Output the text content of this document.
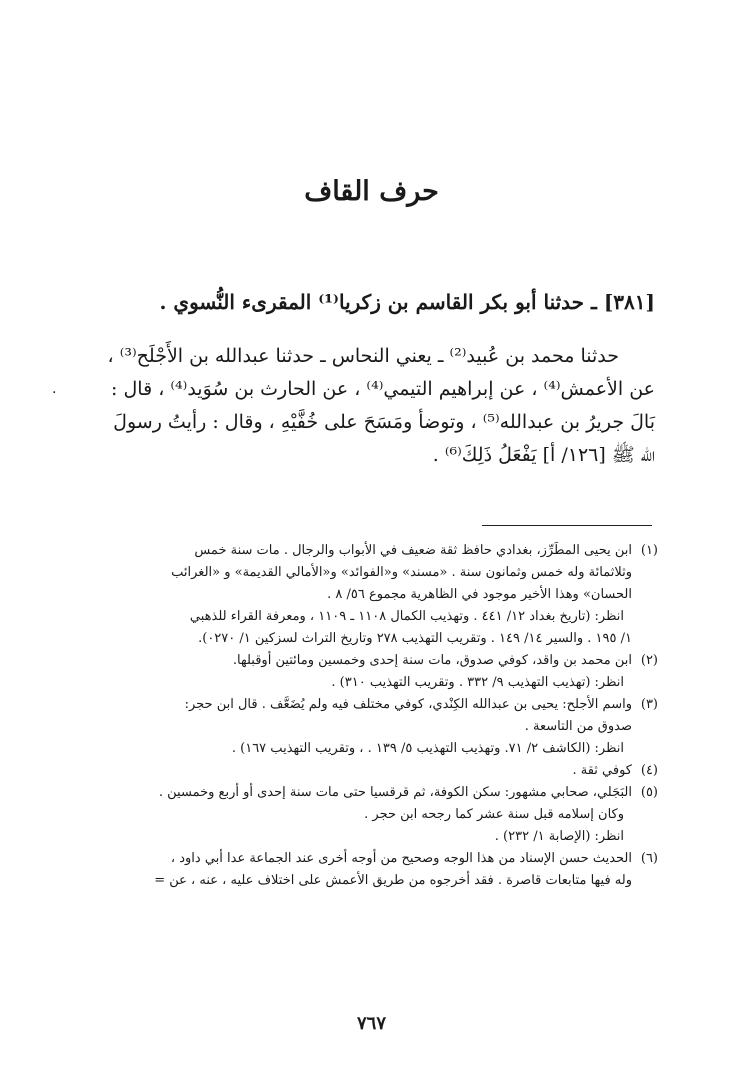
حرف القاف
[٣٨١] ـ حدثنا أبو بكر القاسم بن زكريا⁽¹⁾ المقرىء النُّسوي .

حدثنا محمد بن عُبيد⁽²⁾ ـ يعني النحاس ـ حدثنا عبدالله بن الأَجْلَح⁽³⁾ ،

عن الأعمش⁽⁴⁾ ، عن إبراهيم التيمي⁽⁴⁾ ، عن الحارث بن سُوَيد⁽⁴⁾ ، قال :

بَالَ جريرُ بن عبدالله⁽⁵⁾ ، وتوضأ ومَسَحَ على خُفَّيْهِ ، وقال : رأيتُ رسولَ

الله ﷺ [١٢٦/ أ] يَفْعَلُ ذَلِكَ⁽⁶⁾ .

.
(١)ابن يحيى المطَرِّز، بغدادي حافظ ثقة ضعيف في الأبواب والرجال . مات سنة خمس
وثلاثمائة وله خمس وثمانون سنة . «مسند» و«الفوائد» و«الأمالي القديمة» و «الغرائب
الحسان» وهذا الأخير موجود في الظاهرية مجموع ٥٦/ ٨ .
انظر: (تاريخ بغداد ١٢/ ٤٤١ . وتهذيب الكمال ١١٠٨ ـ ١١٠٩ ، ومعرفة القراء للذهبي
١/ ١٩٥ . والسير ١٤/ ١٤٩ . وتقريب التهذيب ٢٧٨ وتاريخ التراث لسزكين ١/ ٠٢٧٠).
(٢)ابن محمد بن واقد، كوفي صدوق، مات سنة إحدى وخمسين ومائتين أوقبلها.
انظر: (تهذيب التهذيب ٩/ ٣٣٢ . وتقريب التهذيب ٣١٠) .
(٣)واسم الأجلح: يحيى بن عبدالله الكِنْدي، كوفي مختلف فيه ولم يُضَعَّف . قال ابن حجر:
صدوق من التاسعة .
انظر: (الكاشف ٢/ ٧١. وتهذيب التهذيب ٥/ ١٣٩ . ، وتقريب التهذيب ١٦٧) .
(٤)كوفي ثقة .
(٥)البَجَلي، صحابي مشهور: سكن الكوفة، ثم قرقسيا حتى مات سنة إحدى أو أربع وخمسين .
وكان إسلامه قبل سنة عشر كما رجحه ابن حجر .
انظر: (الإصابة ١/ ٢٣٢) .
(٦)الحديث حسن الإسناد من هذا الوجه وصحيح من أوجه أخرى عند الجماعة عدا أبي داود ،
وله فيها متابعات قاصرة . فقد أخرجوه من طريق الأعمش على اختلاف عليه ، عنه ، عن =
٧٦٧
